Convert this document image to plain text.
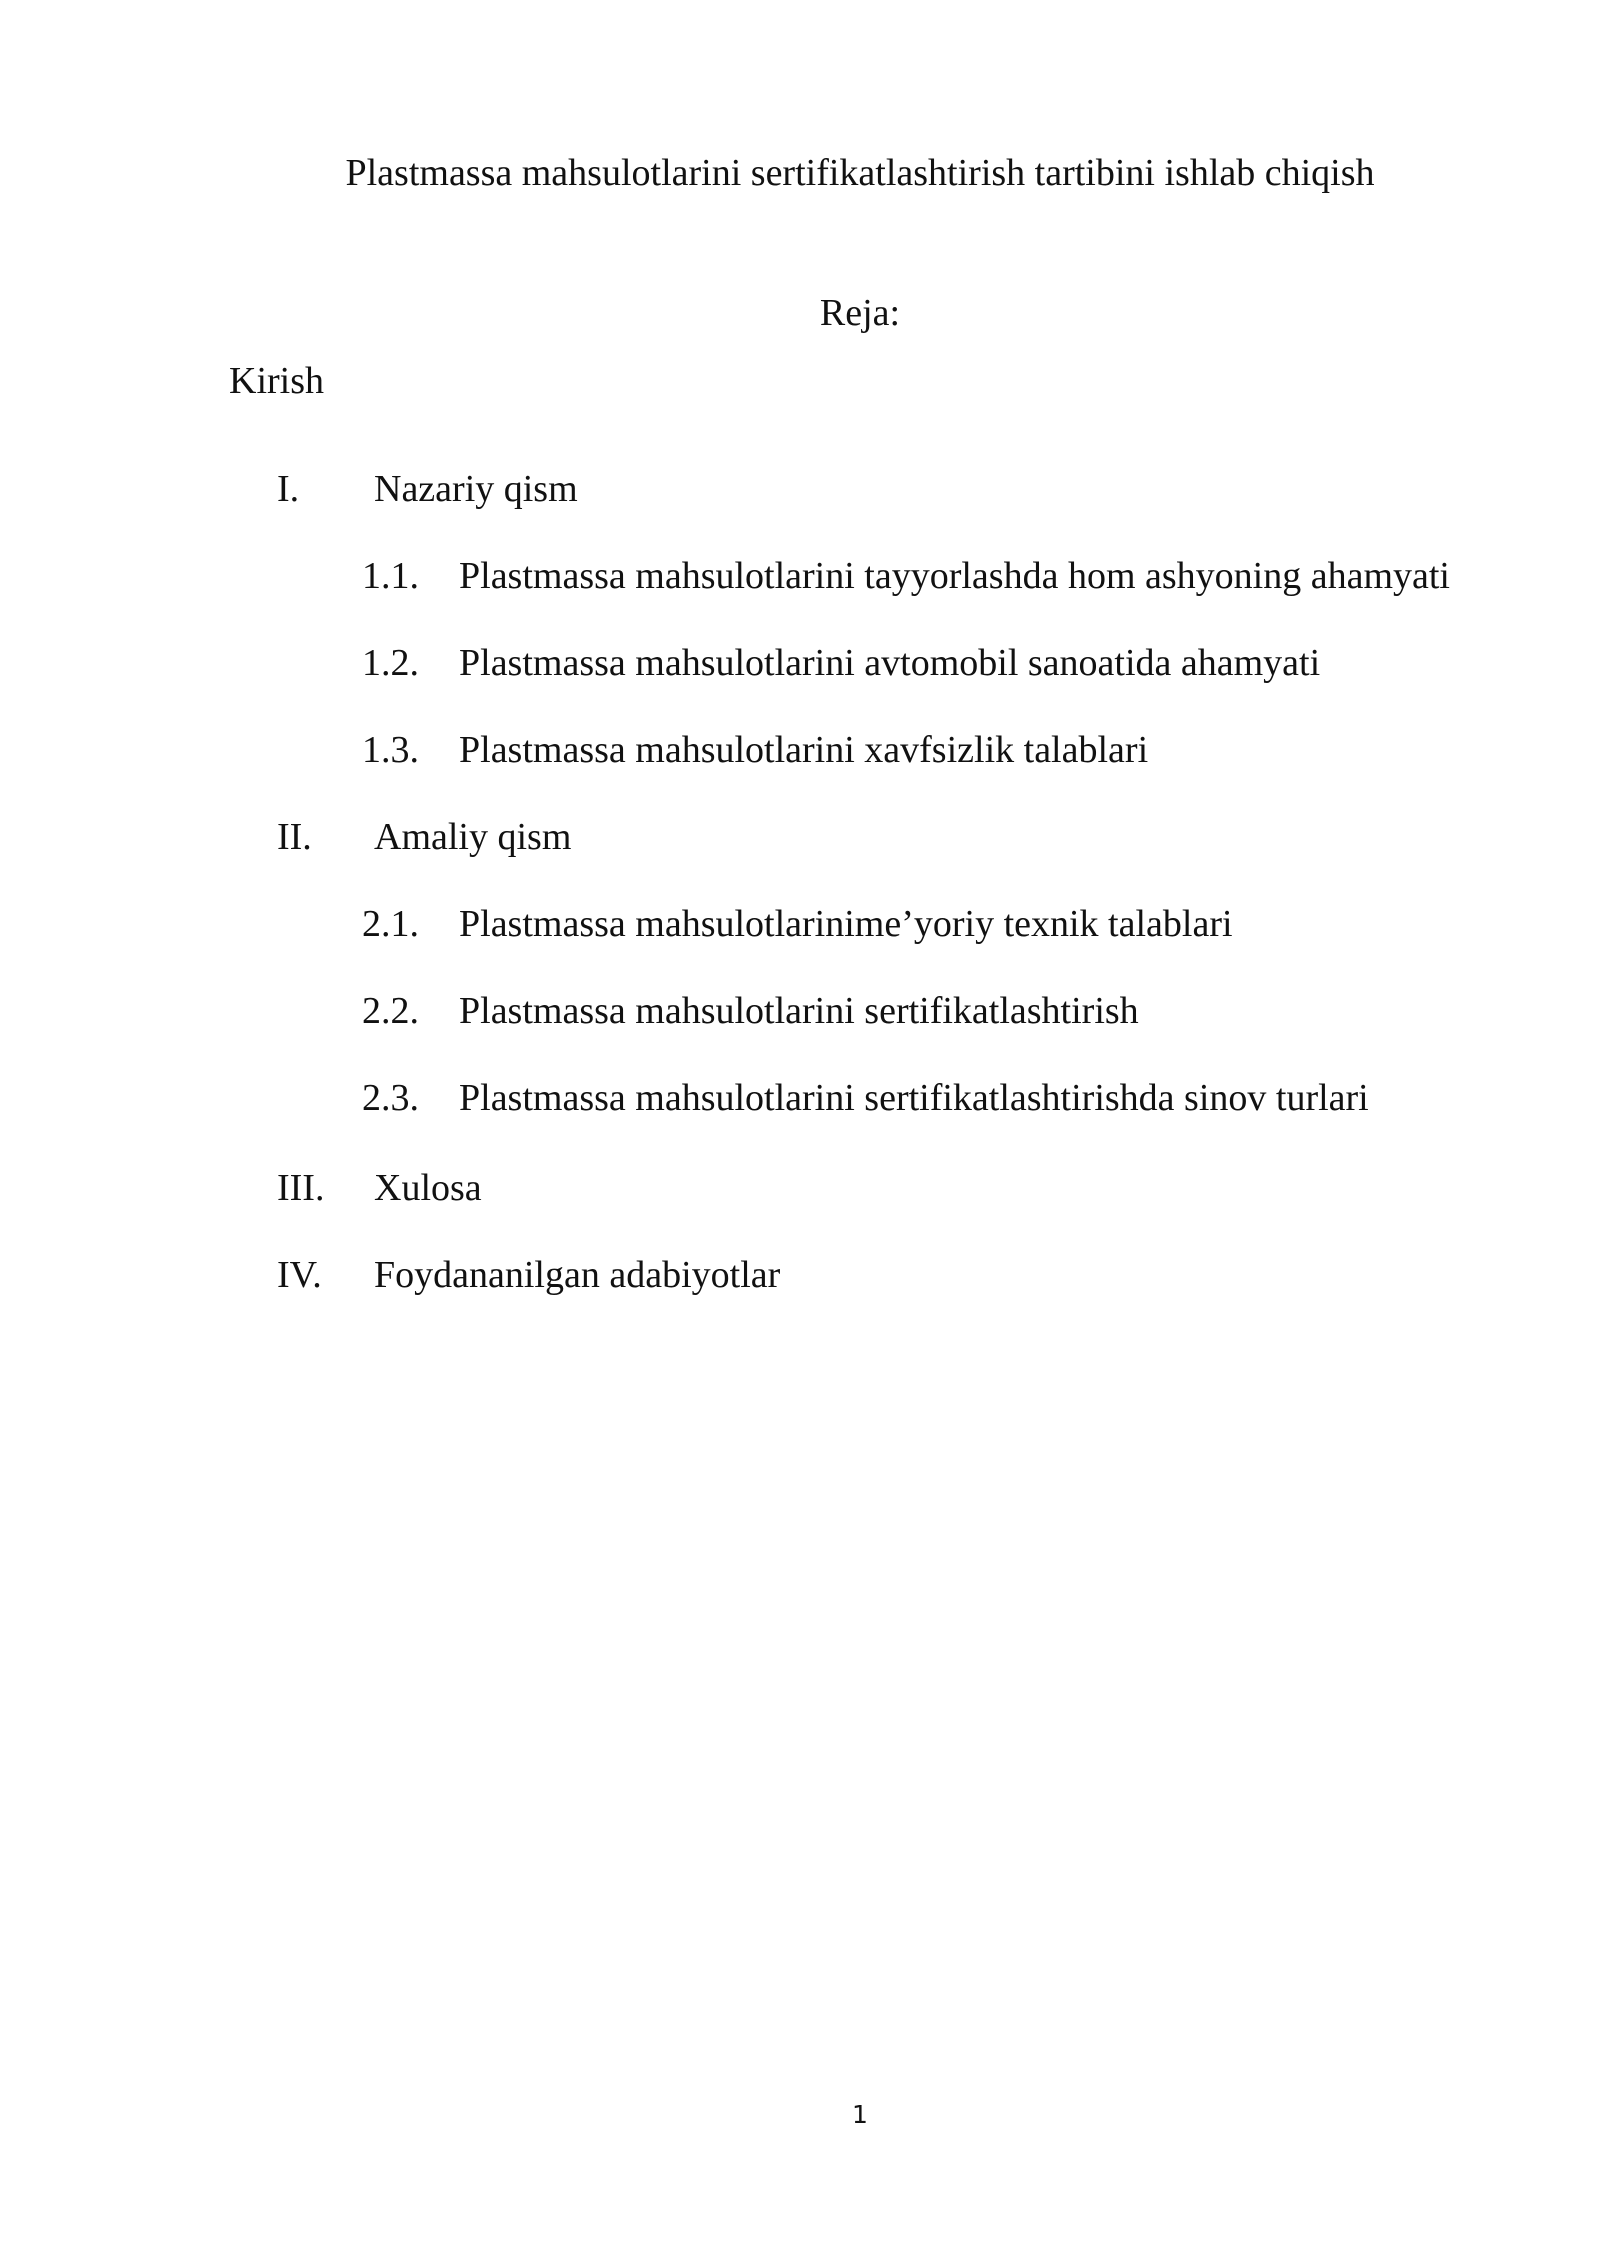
Plastmassa mahsulotlarini sertifikatlashtirish tartibini ishlab chiqish
Reja:
Kirish
I. Nazariy qism
1.1. Plastmassa mahsulotlarini tayyorlashda hom ashyoning ahamyati
1.2. Plastmassa mahsulotlarini avtomobil sanoatida ahamyati
1.3. Plastmassa mahsulotlarini xavfsizlik talablari
II. Amaliy qism
2.1. Plastmassa mahsulotlarinime’yoriy texnik talablari
2.2. Plastmassa mahsulotlarini sertifikatlashtirish
2.3. Plastmassa mahsulotlarini sertifikatlashtirishda sinov turlari
III. Xulosa
IV. Foydananilgan adabiyotlar
1
